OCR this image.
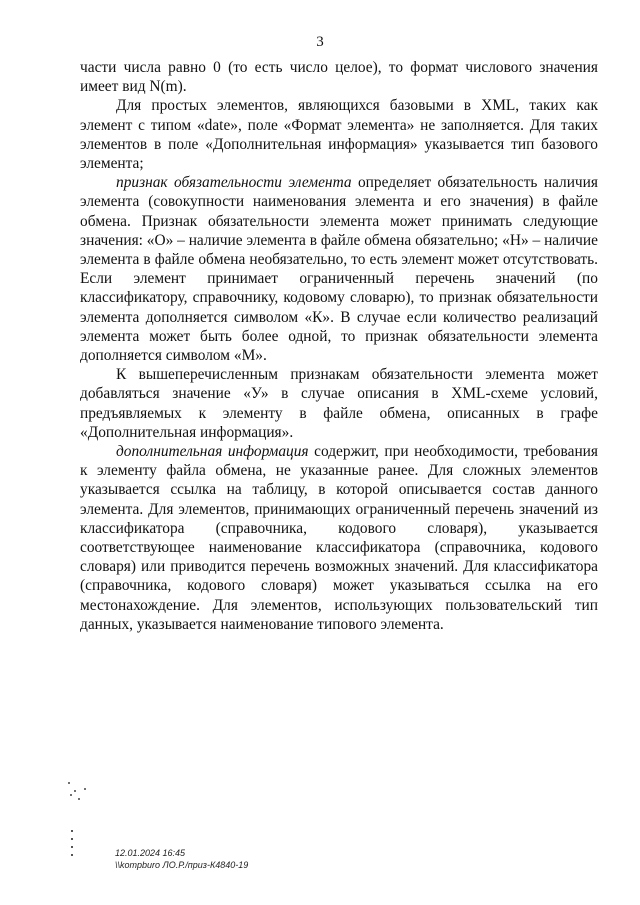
3

части числа равно 0 (то есть число целое), то формат числового значения имеет вид N(m).

Для простых элементов, являющихся базовыми в XML, таких как элемент с типом «date», поле «Формат элемента» не заполняется. Для таких элементов в поле «Дополнительная информация» указывается тип базового элемента;

признак обязательности элемента определяет обязательность наличия элемента (совокупности наименования элемента и его значения) в файле обмена. Признак обязательности элемента может принимать следующие значения: «О» – наличие элемента в файле обмена обязательно; «Н» – наличие элемента в файле обмена необязательно, то есть элемент может отсутствовать. Если элемент принимает ограниченный перечень значений (по классификатору, справочнику, кодовому словарю), то признак обязательности элемента дополняется символом «К». В случае если количество реализаций элемента может быть более одной, то признак обязательности элемента дополняется символом «М».

К вышеперечисленным признакам обязательности элемента может добавляться значение «У» в случае описания в XML-схеме условий, предъявляемых к элементу в файле обмена, описанных в графе «Дополнительная информация».

дополнительная информация содержит, при необходимости, требования к элементу файла обмена, не указанные ранее. Для сложных элементов указывается ссылка на таблицу, в которой описывается состав данного элемента. Для элементов, принимающих ограниченный перечень значений из классификатора (справочника, кодового словаря), указывается соответствующее наименование классификатора (справочника, кодового словаря) или приводится перечень возможных значений. Для классификатора (справочника, кодового словаря) может указываться ссылка на его местонахождение. Для элементов, использующих пользовательский тип данных, указывается наименование типового элемента.

12.01.2024 16:45
\\kompburo ЛО.Р./приз-К4840-19
